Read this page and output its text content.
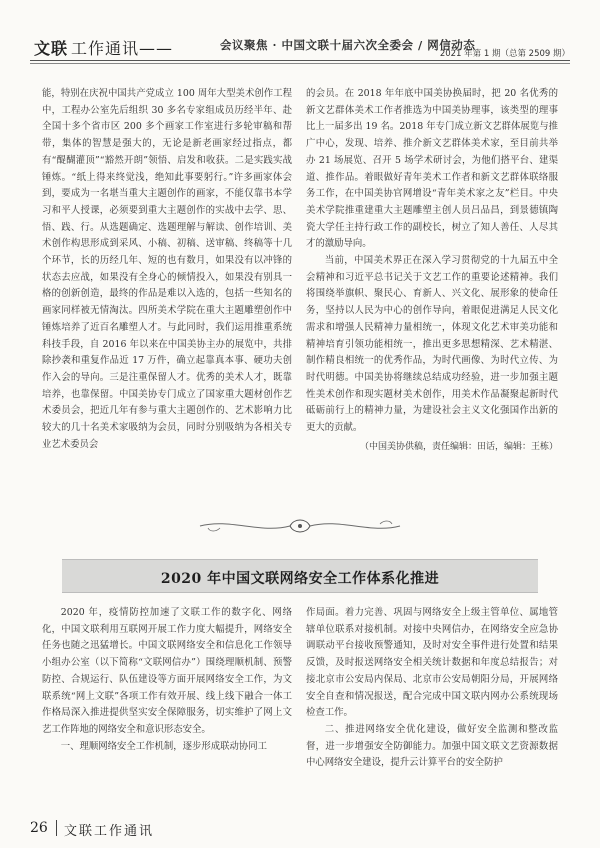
文联 工作通讯——	会议聚焦 · 中国文联十届六次全委会 / 网信动态
2021 年第 1 期（总第 2509 期）

能，特别在庆祝中国共产党成立 100 周年大型美术创作工程中，工程办公室先后组织 30 多名专家组成员历经半年、赴全国十多个省市区 200 多个画家工作室进行多轮审稿和帮带，集体的智慧是强大的，无论是新老画家经过指点，都有“醍醐灌顶”“豁然开朗”领悟、启发和收获。二是实践实战锤炼。“纸上得来终觉浅，绝知此事要躬行。”许多画家体会到，要成为一名堪当重大主题创作的画家，不能仅靠书本学习和平人授课，必须要到重大主题创作的实战中去学、思、悟、践、行。从选题确定、选题理解与解读、创作培训、美术创作构思形成到采风、小稿、初稿、送审稿、终稿等十几个环节，长的历经几年、短的也有数月，如果没有以冲锋的状态去应战，如果没有全身心的倾情投入，如果没有别具一格的创新创造，最终的作品是难以入选的，包括一些知名的画家同样被无情淘汰。四所美术学院在重大主题雕塑创作中锤炼培养了近百名雕塑人才。与此同时，我们运用推重系统科技手段，自 2016 年以来在中国美协主办的展览中，共排除抄袭和重复作品近 17 万件，确立起靠真本事、硬功夫创作入会的导向。三是注重保留人才。优秀的美术人才，既靠培养，也靠保留。中国美协专门成立了国家重大题材创作艺术委员会，把近几年有参与重大主题创作的、艺术影响力比较大的几十名美术家吸纳为会员，同时分别吸纳为各相关专业艺术委员会

的会员。在 2018 年年底中国美协换届时，把 20 名优秀的新文艺群体美术工作者推选为中国美协理事，该类型的理事比上一届多出 19 名。2018 年专门成立新文艺群体展览与推广中心，发现、培养、推介新文艺群体美术家，至目前共举办 21 场展览、召开 5 场学术研讨会，为他们搭平台、建渠道、推作品。着眼做好青年美术工作者和新文艺群体联络服务工作，在中国美协官网增设“青年美术家之友”栏目。中央美术学院推重建重大主题雕塑主创人员吕品昌，到景德镇陶瓷大学任主持行政工作的副校长，树立了知人善任、人尽其才的激励导向。

当前，中国美术界正在深入学习贯彻党的十九届五中全会精神和习近平总书记关于文艺工作的重要论述精神。我们将围绕举旗帜、聚民心、育新人、兴文化、展形象的使命任务，坚持以人民为中心的创作导向，着眼促进满足人民文化需求和增强人民精神力量相统一，体现文化艺术审美功能和精神培育引领功能相统一，推出更多思想精深、艺术精湛、制作精良相统一的优秀作品，为时代画像、为时代立传、为时代明德。中国美协将继续总结成功经验，进一步加强主题性美术创作和现实题材美术创作，用美术作品凝聚起新时代砥砺前行上的精神力量，为建设社会主义文化强国作出新的更大的贡献。

（中国美协供稿，责任编辑：田话，编辑：王栋）

2020 年中国文联网络安全工作体系化推进

2020 年，疫情防控加速了文联工作的数字化、网络化，中国文联利用互联网开展工作力度大幅提升，网络安全任务也随之迅猛增长。中国文联网络安全和信息化工作领导小组办公室（以下简称“文联网信办”）围绕理顺机制、预警防控、合规运行、队伍建设等方面开展网络安全工作，为文联系统“网上文联”各项工作有效开展、线上线下融合一体工作格局深入推进提供坚实安全保障服务，切实维护了网上文艺工作阵地的网络安全和意识形态安全。

一、理顺网络安全工作机制，逐步形成联动协同工

作局面。着力完善、巩固与网络安全上级主管单位、属地管辖单位联系对接机制。对接中央网信办，在网络安全应急协调联动平台接收预警通知，及时对安全事件进行处置和结果反馈，及时报送网络安全相关统计数据和年度总结报告；对接北京市公安局内保局、北京市公安局朝阳分局，开展网络安全自查和情况报送，配合完成中国文联内网办公系统现场检查工作。

二、推进网络安全优化建设，做好安全监测和整改监督，进一步增强安全防御能力。加强中国文联文艺资源数据中心网络安全建设，提升云计算平台的安全防护

26 文联工作通讯
